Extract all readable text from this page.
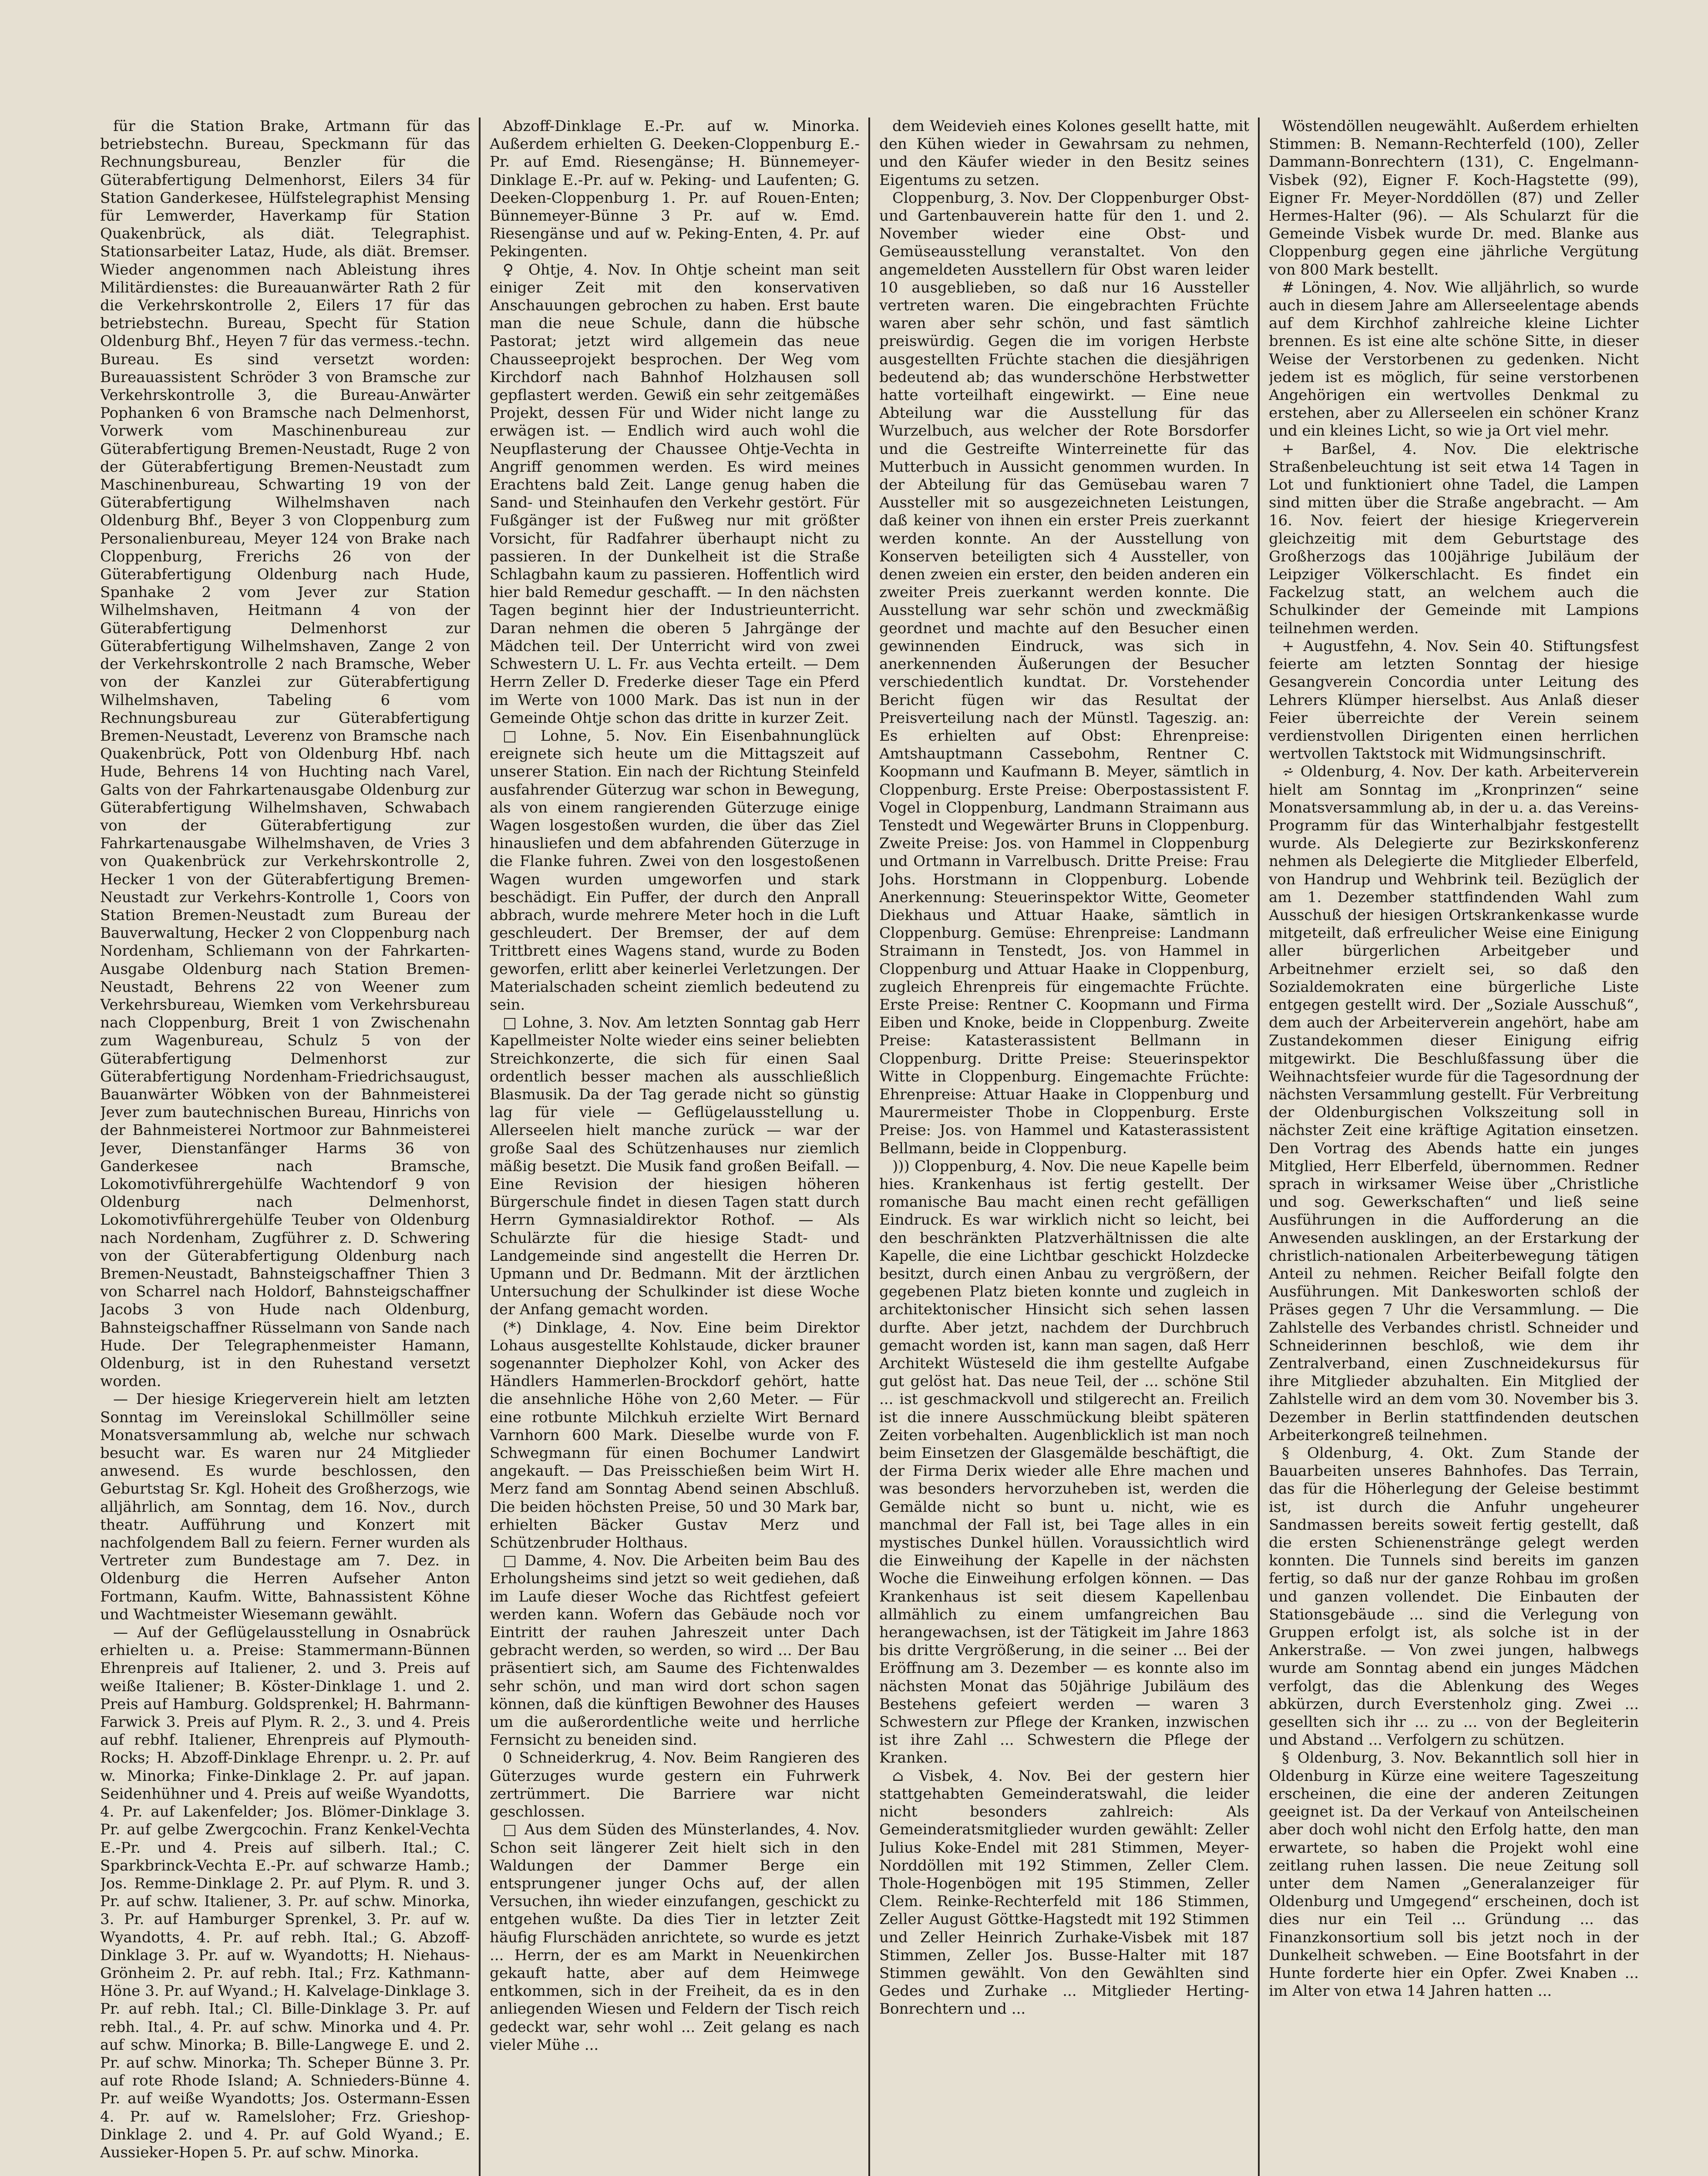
für die Station Brake, Artmann für das betriebstechn. Bureau, Speckmann für das Rechnungsbureau, Benzler für die Güterabfertigung Delmenhorst, Eilers 34 für Station Ganderkesee, Hülfstelegraphist Mensing für Lemwerder, Haverkamp für Station Quakenbrück, als diät. Telegraphist. Stationsarbeiter Lataz, Hude, als diät. Bremser. Wieder angenommen nach Ableistung ihres Militärdienstes: die Bureauanwärter Rath 2 für die Verkehrskontrolle 2, Eilers 17 für das betriebstechn. Bureau, Specht für Station Oldenburg Bhf., Heyen 7 für das vermess.-techn. Bureau. Es sind versetzt worden: Bureauassistent Schröder 3 von Bramsche zur Verkehrskontrolle 3, die Bureau-Anwärter Pophanken 6 von Bramsche nach Delmenhorst, Vorwerk vom Maschinenbureau zur Güterabfertigung Bremen-Neustadt, Ruge 2 von der Güterabfertigung Bremen-Neustadt zum Maschinenbureau, Schwarting 19 von der Güterabfertigung Wilhelmshaven nach Oldenburg Bhf., Beyer 3 von Cloppenburg zum Personalienbureau, Meyer 124 von Brake nach Cloppenburg, Frerichs 26 von der Güterabfertigung Oldenburg nach Hude, Spanhake 2 vom Jever zur Station Wilhelmshaven, Heitmann 4 von der Güterabfertigung Delmenhorst zur Güterabfertigung Wilhelmshaven, Zange 2 von der Verkehrskontrolle 2 nach Bramsche, Weber von der Kanzlei zur Güterabfertigung Wilhelmshaven, Tabeling 6 vom Rechnungsbureau zur Güterabfertigung Bremen-Neustadt, Leverenz von Bramsche nach Quakenbrück, Pott von Oldenburg Hbf. nach Hude, Behrens 14 von Huchting nach Varel, Galts von der Fahrkartenausgabe Oldenburg zur Güterabfertigung Wilhelmshaven, Schwabach von der Güterabfertigung zur Fahrkartenausgabe Wilhelmshaven, de Vries 3 von Quakenbrück zur Verkehrskontrolle 2, Hecker 1 von der Güterabfertigung Bremen-Neustadt zur Verkehrs-Kontrolle 1, Coors von Station Bremen-Neustadt zum Bureau der Bauverwaltung, Hecker 2 von Cloppenburg nach Nordenham, Schliemann von der Fahrkarten-Ausgabe Oldenburg nach Station Bremen-Neustadt, Behrens 22 von Weener zum Verkehrsbureau, Wiemken vom Verkehrsbureau nach Cloppenburg, Breit 1 von Zwischenahn zum Wagenbureau, Schulz 5 von der Güterabfertigung Delmenhorst zur Güterabfertigung Nordenham-Friedrichsaugust, Bauanwärter Wöbken von der Bahnmeisterei Jever zum bautechnischen Bureau, Hinrichs von der Bahnmeisterei Nortmoor zur Bahnmeisterei Jever, Dienstanfänger Harms 36 von Ganderkesee nach Bramsche, Lokomotivführergehülfe Wachtendorf 9 von Oldenburg nach Delmenhorst, Lokomotivführergehülfe Teuber von Oldenburg nach Nordenham, Zugführer z. D. Schwering von der Güterabfertigung Oldenburg nach Bremen-Neustadt, Bahnsteigschaffner Thien 3 von Scharrel nach Holdorf, Bahnsteigschaffner Jacobs 3 von Hude nach Oldenburg, Bahnsteigschaffner Rüsselmann von Sande nach Hude. Der Telegraphenmeister Hamann, Oldenburg, ist in den Ruhestand versetzt worden.

— Der hiesige Kriegerverein hielt am letzten Sonntag im Vereinslokal Schillmöller seine Monatsversammlung ab, welche nur schwach besucht war. Es waren nur 24 Mitglieder anwesend. Es wurde beschlossen, den Geburtstag Sr. Kgl. Hoheit des Großherzogs, wie alljährlich, am Sonntag, dem 16. Nov., durch theatr. Aufführung und Konzert mit nachfolgendem Ball zu feiern. Ferner wurden als Vertreter zum Bundestage am 7. Dez. in Oldenburg die Herren Aufseher Anton Fortmann, Kaufm. Witte, Bahnassistent Köhne und Wachtmeister Wiesemann gewählt.

— Auf der Geflügelausstellung in Osnabrück erhielten u. a. Preise: Stammermann-Bünnen Ehrenpreis auf Italiener, 2. und 3. Preis auf weiße Italiener; B. Köster-Dinklage 1. und 2. Preis auf Hamburg. Goldsprenkel; H. Bahrmann-Farwick 3. Preis auf Plym. R. 2., 3. und 4. Preis auf rebhf. Italiener, Ehrenpreis auf Plymouth-Rocks; H. Abzoff-Dinklage Ehrenpr. u. 2. Pr. auf w. Minorka; Finke-Dinklage 2. Pr. auf japan. Seidenhühner und 4. Preis auf weiße Wyandotts, 4. Pr. auf Lakenfelder; Jos. Blömer-Dinklage 3. Pr. auf gelbe Zwergcochin. Franz Kenkel-Vechta E.-Pr. und 4. Preis auf silberh. Ital.; C. Sparkbrinck-Vechta E.-Pr. auf schwarze Hamb.; Jos. Remme-Dinklage 2. Pr. auf Plym. R. und 3. Pr. auf schw. Italiener, 3. Pr. auf schw. Minorka, 3. Pr. auf Hamburger Sprenkel, 3. Pr. auf w. Wyandotts, 4. Pr. auf rebh. Ital.; G. Abzoff-Dinklage 3. Pr. auf w. Wyandotts; H. Niehaus-Grönheim 2. Pr. auf rebh. Ital.; Frz. Kathmann-Höne 3. Pr. auf Wyand.; H. Kalvelage-Dinklage 3. Pr. auf rebh. Ital.; Cl. Bille-Dinklage 3. Pr. auf rebh. Ital., 4. Pr. auf schw. Minorka und 4. Pr. auf schw. Minorka; B. Bille-Langwege E. und 2. Pr. auf schw. Minorka; Th. Scheper Bünne 3. Pr. auf rote Rhode Island; A. Schnieders-Bünne 4. Pr. auf weiße Wyandotts; Jos. Ostermann-Essen 4. Pr. auf w. Ramelsloher; Frz. Grieshop-Dinklage 2. und 4. Pr. auf Gold Wyand.; E. Aussieker-Hopen 5. Pr. auf schw. Minorka.

Abzoff-Dinklage E.-Pr. auf w. Minorka. Außerdem erhielten G. Deeken-Cloppenburg E.-Pr. auf Emd. Riesengänse; H. Bünnemeyer-Dinklage E.-Pr. auf w. Peking- und Laufenten; G. Deeken-Cloppenburg 1. Pr. auf Rouen-Enten; Bünnemeyer-Bünne 3 Pr. auf w. Emd. Riesengänse und auf w. Peking-Enten, 4. Pr. auf Pekingenten.

♀ Ohtje, 4. Nov. In Ohtje scheint man seit einiger Zeit mit den konservativen Anschauungen gebrochen zu haben. Erst baute man die neue Schule, dann die hübsche Pastorat; jetzt wird allgemein das neue Chausseeprojekt besprochen. Der Weg vom Kirchdorf nach Bahnhof Holzhausen soll gepflastert werden. Gewiß ein sehr zeitgemäßes Projekt, dessen Für und Wider nicht lange zu erwägen ist. — Endlich wird auch wohl die Neupflasterung der Chaussee Ohtje-Vechta in Angriff genommen werden. Es wird meines Erachtens bald Zeit. Lange genug haben die Sand- und Steinhaufen den Verkehr gestört. Für Fußgänger ist der Fußweg nur mit größter Vorsicht, für Radfahrer überhaupt nicht zu passieren. In der Dunkelheit ist die Straße Schlagbahn kaum zu passieren. Hoffentlich wird hier bald Remedur geschafft. — In den nächsten Tagen beginnt hier der Industrieunterricht. Daran nehmen die oberen 5 Jahrgänge der Mädchen teil. Der Unterricht wird von zwei Schwestern U. L. Fr. aus Vechta erteilt. — Dem Herrn Zeller D. Frederke dieser Tage ein Pferd im Werte von 1000 Mark. Das ist nun in der Gemeinde Ohtje schon das dritte in kurzer Zeit.

□ Lohne, 5. Nov. Ein Eisenbahnunglück ereignete sich heute um die Mittagszeit auf unserer Station. Ein nach der Richtung Steinfeld ausfahrender Güterzug war schon in Bewegung, als von einem rangierenden Güterzuge einige Wagen losgestoßen wurden, die über das Ziel hinausliefen und dem abfahrenden Güterzuge in die Flanke fuhren. Zwei von den losgestoßenen Wagen wurden umgeworfen und stark beschädigt. Ein Puffer, der durch den Anprall abbrach, wurde mehrere Meter hoch in die Luft geschleudert. Der Bremser, der auf dem Trittbrett eines Wagens stand, wurde zu Boden geworfen, erlitt aber keinerlei Verletzungen. Der Materialschaden scheint ziemlich bedeutend zu sein.

□ Lohne, 3. Nov. Am letzten Sonntag gab Herr Kapellmeister Nolte wieder eins seiner beliebten Streichkonzerte, die sich für einen Saal ordentlich besser machen als ausschließlich Blasmusik. Da der Tag gerade nicht so günstig lag für viele — Geflügelausstellung u. Allerseelen hielt manche zurück — war der große Saal des Schützenhauses nur ziemlich mäßig besetzt. Die Musik fand großen Beifall. — Eine Revision der hiesigen höheren Bürgerschule findet in diesen Tagen statt durch Herrn Gymnasialdirektor Rothof. — Als Schulärzte für die hiesige Stadt- und Landgemeinde sind angestellt die Herren Dr. Upmann und Dr. Bedmann. Mit der ärztlichen Untersuchung der Schulkinder ist diese Woche der Anfang gemacht worden.

(*) Dinklage, 4. Nov. Eine beim Direktor Lohaus ausgestellte Kohlstaude, dicker brauner sogenannter Diepholzer Kohl, von Acker des Händlers Hammerlen-Brockdorf gehört, hatte die ansehnliche Höhe von 2,60 Meter. — Für eine rotbunte Milchkuh erzielte Wirt Bernard Varnhorn 600 Mark. Dieselbe wurde von F. Schwegmann für einen Bochumer Landwirt angekauft. — Das Preisschießen beim Wirt H. Merz fand am Sonntag Abend seinen Abschluß. Die beiden höchsten Preise, 50 und 30 Mark bar, erhielten Bäcker Gustav Merz und Schützenbruder Holthaus.

□ Damme, 4. Nov. Die Arbeiten beim Bau des Erholungsheims sind jetzt so weit gediehen, daß im Laufe dieser Woche das Richtfest gefeiert werden kann. Wofern das Gebäude noch vor Eintritt der rauhen Jahreszeit unter Dach gebracht werden, so werden, so wird ... Der Bau präsentiert sich, am Saume des Fichtenwaldes sehr schön, und man wird dort schon sagen können, daß die künftigen Bewohner des Hauses um die außerordentliche weite und herrliche Fernsicht zu beneiden sind.

0 Schneiderkrug, 4. Nov. Beim Rangieren des Güterzuges wurde gestern ein Fuhrwerk zertrümmert. Die Barriere war nicht geschlossen.

□ Aus dem Süden des Münsterlandes, 4. Nov. Schon seit längerer Zeit hielt sich in den Waldungen der Dammer Berge ein entsprungener junger Ochs auf, der allen Versuchen, ihn wieder einzufangen, geschickt zu entgehen wußte. Da dies Tier in letzter Zeit häufig Flurschäden anrichtete, so wurde es jetzt ... Herrn, der es am Markt in Neuenkirchen gekauft hatte, aber auf dem Heimwege entkommen, sich in der Freiheit, da es in den anliegenden Wiesen und Feldern der Tisch reich gedeckt war, sehr wohl ... Zeit gelang es nach vieler Mühe ...

dem Weidevieh eines Kolones gesellt hatte, mit den Kühen wieder in Gewahrsam zu nehmen, und den Käufer wieder in den Besitz seines Eigentums zu setzen.

Cloppenburg, 3. Nov. Der Cloppenburger Obst- und Gartenbauverein hatte für den 1. und 2. November wieder eine Obst- und Gemüseausstellung veranstaltet. Von den angemeldeten Ausstellern für Obst waren leider 10 ausgeblieben, so daß nur 16 Aussteller vertreten waren. Die eingebrachten Früchte waren aber sehr schön, und fast sämtlich preiswürdig. Gegen die im vorigen Herbste ausgestellten Früchte stachen die diesjährigen bedeutend ab; das wunderschöne Herbstwetter hatte vorteilhaft eingewirkt. — Eine neue Abteilung war die Ausstellung für das Wurzelbuch, aus welcher der Rote Borsdorfer und die Gestreifte Winterreinette für das Mutterbuch in Aussicht genommen wurden. In der Abteilung für das Gemüsebau waren 7 Aussteller mit so ausgezeichneten Leistungen, daß keiner von ihnen ein erster Preis zuerkannt werden konnte. An der Ausstellung von Konserven beteiligten sich 4 Aussteller, von denen zweien ein erster, den beiden anderen ein zweiter Preis zuerkannt werden konnte. Die Ausstellung war sehr schön und zweckmäßig geordnet und machte auf den Besucher einen gewinnenden Eindruck, was sich in anerkennenden Äußerungen der Besucher verschiedentlich kundtat. Dr. Vorstehender Bericht fügen wir das Resultat der Preisverteilung nach der Münstl. Tageszig. an: Es erhielten auf Obst: Ehrenpreise: Amtshauptmann Cassebohm, Rentner C. Koopmann und Kaufmann B. Meyer, sämtlich in Cloppenburg. Erste Preise: Oberpostassistent F. Vogel in Cloppenburg, Landmann Straimann aus Tenstedt und Wegewärter Bruns in Cloppenburg. Zweite Preise: Jos. von Hammel in Cloppenburg und Ortmann in Varrelbusch. Dritte Preise: Frau Johs. Horstmann in Cloppenburg. Lobende Anerkennung: Steuerinspektor Witte, Geometer Diekhaus und Attuar Haake, sämtlich in Cloppenburg. Gemüse: Ehrenpreise: Landmann Straimann in Tenstedt, Jos. von Hammel in Cloppenburg und Attuar Haake in Cloppenburg, zugleich Ehrenpreis für eingemachte Früchte. Erste Preise: Rentner C. Koopmann und Firma Eiben und Knoke, beide in Cloppenburg. Zweite Preise: Katasterassistent Bellmann in Cloppenburg. Dritte Preise: Steuerinspektor Witte in Cloppenburg. Eingemachte Früchte: Ehrenpreise: Attuar Haake in Cloppenburg und Maurermeister Thobe in Cloppenburg. Erste Preise: Jos. von Hammel und Katasterassistent Bellmann, beide in Cloppenburg.

))) Cloppenburg, 4. Nov. Die neue Kapelle beim hies. Krankenhaus ist fertig gestellt. Der romanische Bau macht einen recht gefälligen Eindruck. Es war wirklich nicht so leicht, bei den beschränkten Platzverhältnissen die alte Kapelle, die eine Lichtbar geschickt Holzdecke besitzt, durch einen Anbau zu vergrößern, der gegebenen Platz bieten konnte und zugleich in architektonischer Hinsicht sich sehen lassen durfte. Aber jetzt, nachdem der Durchbruch gemacht worden ist, kann man sagen, daß Herr Architekt Wüsteseld die ihm gestellte Aufgabe gut gelöst hat. Das neue Teil, der ... schöne Stil ... ist geschmackvoll und stilgerecht an. Freilich ist die innere Ausschmückung bleibt späteren Zeiten vorbehalten. Augenblicklich ist man noch beim Einsetzen der Glasgemälde beschäftigt, die der Firma Derix wieder alle Ehre machen und was besonders hervorzuheben ist, werden die Gemälde nicht so bunt u. nicht, wie es manchmal der Fall ist, bei Tage alles in ein mystisches Dunkel hüllen. Voraussichtlich wird die Einweihung der Kapelle in der nächsten Woche die Einweihung erfolgen können. — Das Krankenhaus ist seit diesem Kapellenbau allmählich zu einem umfangreichen Bau herangewachsen, ist der Tätigkeit im Jahre 1863 bis dritte Vergrößerung, in die seiner ... Bei der Eröffnung am 3. Dezember — es konnte also im nächsten Monat das 50jährige Jubiläum des Bestehens gefeiert werden — waren 3 Schwestern zur Pflege der Kranken, inzwischen ist ihre Zahl ... Schwestern die Pflege der Kranken.

⌂ Visbek, 4. Nov. Bei der gestern hier stattgehabten Gemeinderatswahl, die leider nicht besonders zahlreich: Als Gemeinderatsmitglieder wurden gewählt: Zeller Julius Koke-Endel mit 281 Stimmen, Meyer-Norddöllen mit 192 Stimmen, Zeller Clem. Thole-Hogenbögen mit 195 Stimmen, Zeller Clem. Reinke-Rechterfeld mit 186 Stimmen, Zeller August Göttke-Hagstedt mit 192 Stimmen und Zeller Heinrich Zurhake-Visbek mit 187 Stimmen, Zeller Jos. Busse-Halter mit 187 Stimmen gewählt. Von den Gewählten sind Gedes und Zurhake ... Mitglieder Herting-Bonrechtern und ...

Wöstendöllen neugewählt. Außerdem erhielten Stimmen: B. Nemann-Rechterfeld (100), Zeller Dammann-Bonrechtern (131), C. Engelmann-Visbek (92), Eigner F. Koch-Hagstette (99), Eigner Fr. Meyer-Norddöllen (87) und Zeller Hermes-Halter (96). — Als Schularzt für die Gemeinde Visbek wurde Dr. med. Blanke aus Cloppenburg gegen eine jährliche Vergütung von 800 Mark bestellt.

# Löningen, 4. Nov. Wie alljährlich, so wurde auch in diesem Jahre am Allerseelentage abends auf dem Kirchhof zahlreiche kleine Lichter brennen. Es ist eine alte schöne Sitte, in dieser Weise der Verstorbenen zu gedenken. Nicht jedem ist es möglich, für seine verstorbenen Angehörigen ein wertvolles Denkmal zu erstehen, aber zu Allerseelen ein schöner Kranz und ein kleines Licht, so wie ja Ort viel mehr.

+ Barßel, 4. Nov. Die elektrische Straßenbeleuchtung ist seit etwa 14 Tagen in Lot und funktioniert ohne Tadel, die Lampen sind mitten über die Straße angebracht. — Am 16. Nov. feiert der hiesige Kriegerverein gleichzeitig mit dem Geburtstage des Großherzogs das 100jährige Jubiläum der Leipziger Völkerschlacht. Es findet ein Fackelzug statt, an welchem auch die Schulkinder der Gemeinde mit Lampions teilnehmen werden.

+ Augustfehn, 4. Nov. Sein 40. Stiftungsfest feierte am letzten Sonntag der hiesige Gesangverein Concordia unter Leitung des Lehrers Klümper hierselbst. Aus Anlaß dieser Feier überreichte der Verein seinem verdienstvollen Dirigenten einen herrlichen wertvollen Taktstock mit Widmungsinschrift.

⩫ Oldenburg, 4. Nov. Der kath. Arbeiterverein hielt am Sonntag im „Kronprinzen“ seine Monatsversammlung ab, in der u. a. das Vereins-Programm für das Winterhalbjahr festgestellt wurde. Als Delegierte zur Bezirkskonferenz nehmen als Delegierte die Mitglieder Elberfeld, von Handrup und Wehbrink teil. Bezüglich der am 1. Dezember stattfindenden Wahl zum Ausschuß der hiesigen Ortskrankenkasse wurde mitgeteilt, daß erfreulicher Weise eine Einigung aller bürgerlichen Arbeitgeber und Arbeitnehmer erzielt sei, so daß den Sozialdemokraten eine bürgerliche Liste entgegen gestellt wird. Der „Soziale Ausschuß“, dem auch der Arbeiterverein angehört, habe am Zustandekommen dieser Einigung eifrig mitgewirkt. Die Beschlußfassung über die Weihnachtsfeier wurde für die Tagesordnung der nächsten Versammlung gestellt. Für Verbreitung der Oldenburgischen Volkszeitung soll in nächster Zeit eine kräftige Agitation einsetzen. Den Vortrag des Abends hatte ein junges Mitglied, Herr Elberfeld, übernommen. Redner sprach in wirksamer Weise über „Christliche und sog. Gewerkschaften“ und ließ seine Ausführungen in die Aufforderung an die Anwesenden ausklingen, an der Erstarkung der christlich-nationalen Arbeiterbewegung tätigen Anteil zu nehmen. Reicher Beifall folgte den Ausführungen. Mit Dankesworten schloß der Präses gegen 7 Uhr die Versammlung. — Die Zahlstelle des Verbandes christl. Schneider und Schneiderinnen beschloß, wie dem ihr Zentralverband, einen Zuschneidekursus für ihre Mitglieder abzuhalten. Ein Mitglied der Zahlstelle wird an dem vom 30. November bis 3. Dezember in Berlin stattfindenden deutschen Arbeiterkongreß teilnehmen.

§ Oldenburg, 4. Okt. Zum Stande der Bauarbeiten unseres Bahnhofes. Das Terrain, das für die Höherlegung der Geleise bestimmt ist, ist durch die Anfuhr ungeheurer Sandmassen bereits soweit fertig gestellt, daß die ersten Schienenstränge gelegt werden konnten. Die Tunnels sind bereits im ganzen fertig, so daß nur der ganze Rohbau im großen und ganzen vollendet. Die Einbauten der Stationsgebäude ... sind die Verlegung von Gruppen erfolgt ist, als solche ist in der Ankerstraße. — Von zwei jungen, halbwegs wurde am Sonntag abend ein junges Mädchen verfolgt, das die Ablenkung des Weges abkürzen, durch Everstenholz ging. Zwei ... gesellten sich ihr ... zu ... von der Begleiterin und Abstand ... Verfolgern zu schützen.

§ Oldenburg, 3. Nov. Bekanntlich soll hier in Oldenburg in Kürze eine weitere Tageszeitung erscheinen, die eine der anderen Zeitungen geeignet ist. Da der Verkauf von Anteilscheinen aber doch wohl nicht den Erfolg hatte, den man erwartete, so haben die Projekt wohl eine zeitlang ruhen lassen. Die neue Zeitung soll unter dem Namen „Generalanzeiger für Oldenburg und Umgegend“ erscheinen, doch ist dies nur ein Teil ... Gründung ... das Finanzkonsortium soll bis jetzt noch in der Dunkelheit schweben. — Eine Bootsfahrt in der Hunte forderte hier ein Opfer. Zwei Knaben ... im Alter von etwa 14 Jahren hatten ...
